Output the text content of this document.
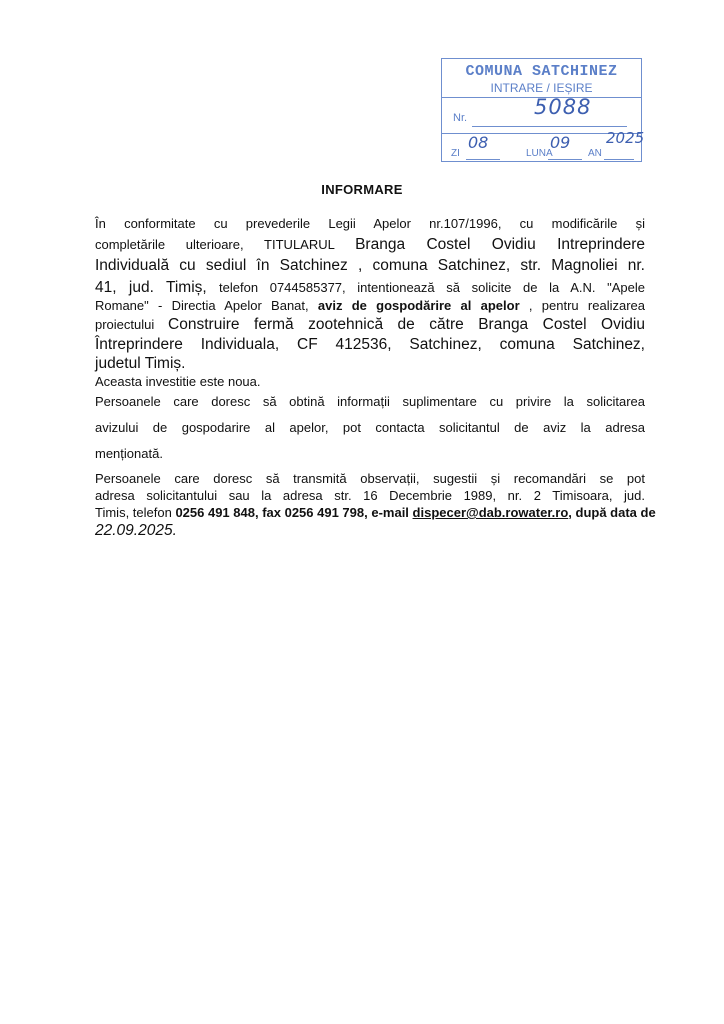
COMUNA SATCHINEZ
INTRARE / IEȘIRE
Nr.	5088
ZI
08
LUNA
09
AN
2025
INFORMARE

În conformitate cu prevederile Legii Apelor nr.107/1996, cu modificările și

completările ulterioare, TITULARUL Branga Costel Ovidiu Intreprindere

Individuală cu sediul în Satchinez , comuna Satchinez, str. Magnoliei nr.

41, jud. Timiș, telefon 0744585377, intentionează să solicite de la A.N. "Apele

Romane" - Directia Apelor Banat, aviz de gospodărire al apelor , pentru realizarea

proiectului Construire fermă zootehnică de către Branga Costel Ovidiu

Întreprindere Individuala, CF 412536, Satchinez, comuna Satchinez,

judetul Timiș.

Aceasta investitie este noua.

Persoanele care doresc să obtină informații suplimentare cu privire la solicitarea

avizului de gospodarire al apelor, pot contacta solicitantul de aviz la adresa

menționată.

Persoanele care doresc să transmită observații, sugestii și recomandări se pot

adresa solicitantului sau la adresa str. 16 Decembrie 1989, nr. 2 Timisoara, jud.

Timis, telefon 0256 491 848, fax 0256 491 798, e-mail dispecer@dab.rowater.ro, după data de

22.09.2025.
